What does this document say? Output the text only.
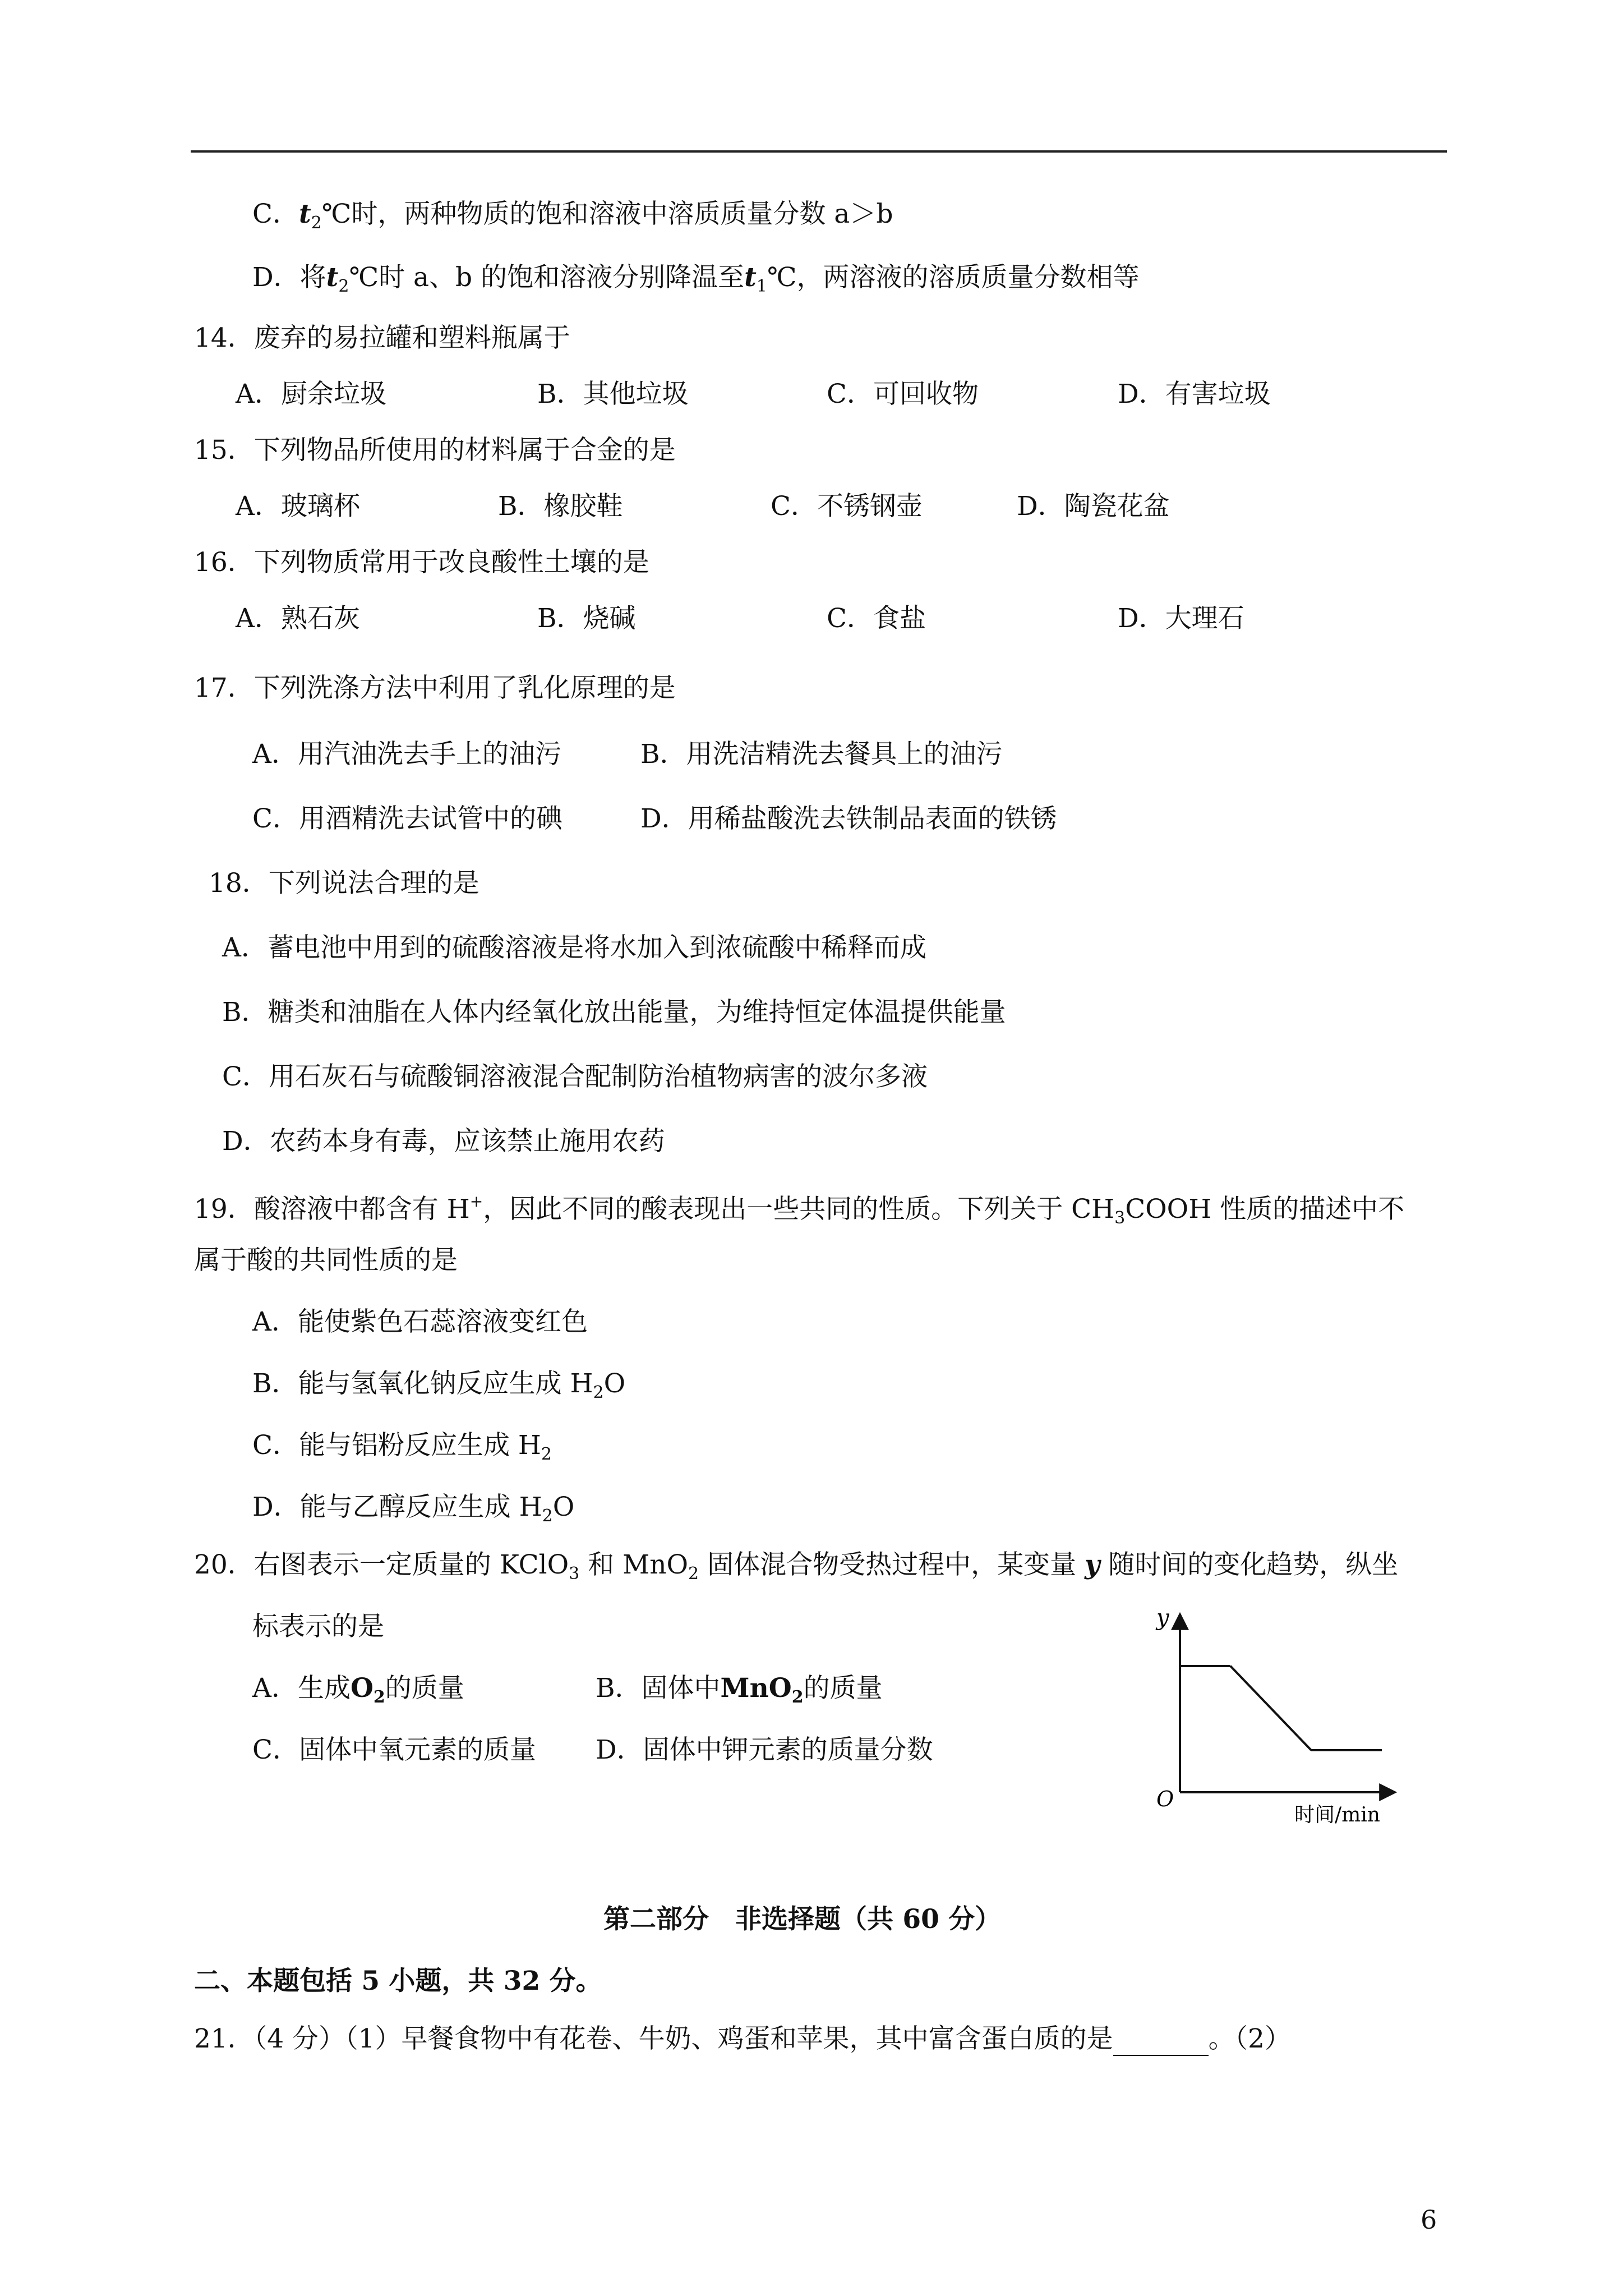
C．$t_2℃$时，两种物质的饱和溶液中溶质质量分数 a＞b
D．将$t_2℃$时 a、b 的饱和溶液分别降温至$t_1℃$，两溶液的溶质质量分数相等
14．废弃的易拉罐和塑料瓶属于
A．厨余垃圾	B．其他垃圾	C．可回收物	D．有害垃圾
15．下列物品所使用的材料属于合金的是
A．玻璃杯	B．橡胶鞋	C．不锈钢壶	D．陶瓷花盆
16．下列物质常用于改良酸性土壤的是
A．熟石灰	B．烧碱	C．食盐	D．大理石
17．下列洗涤方法中利用了乳化原理的是
A．用汽油洗去手上的油污	B．用洗洁精洗去餐具上的油污
C．用酒精洗去试管中的碘	D．用稀盐酸洗去铁制品表面的铁锈
18．下列说法合理的是
A．蓄电池中用到的硫酸溶液是将水加入到浓硫酸中稀释而成
B．糖类和油脂在人体内经氧化放出能量，为维持恒定体温提供能量
C．用石灰石与硫酸铜溶液混合配制防治植物病害的波尔多液
D．农药本身有毒，应该禁止施用农药
19．酸溶液中都含有 H+，因此不同的酸表现出一些共同的性质。下列关于 $CH_3COOH$ 性质的描述中不
属于酸的共同性质的是
A．能使紫色石蕊溶液变红色
B．能与氢氧化钠反应生成 $H_2O$
C．能与铝粉反应生成 $H_2$
D．能与乙醇反应生成 $H_2O$
20．右图表示一定质量的 KClO$_3$ 和 MnO$_2$ 固体混合物受热过程中，某变量 y 随时间的变化趋势，纵坐
标表示的是
A．生成$O_2$的质量	B．固体中MnO$_2$的质量
C．固体中氧元素的质量 D．固体中钾元素的质量分数
y
O
时间/min
第二部分　非选择题（共 60 分）
二、本题包括 5 小题，共 32 分。
21．（4 分）（1）早餐食物中有花卷、牛奶、鸡蛋和苹果，其中富含蛋白质的是	。（2）
6
